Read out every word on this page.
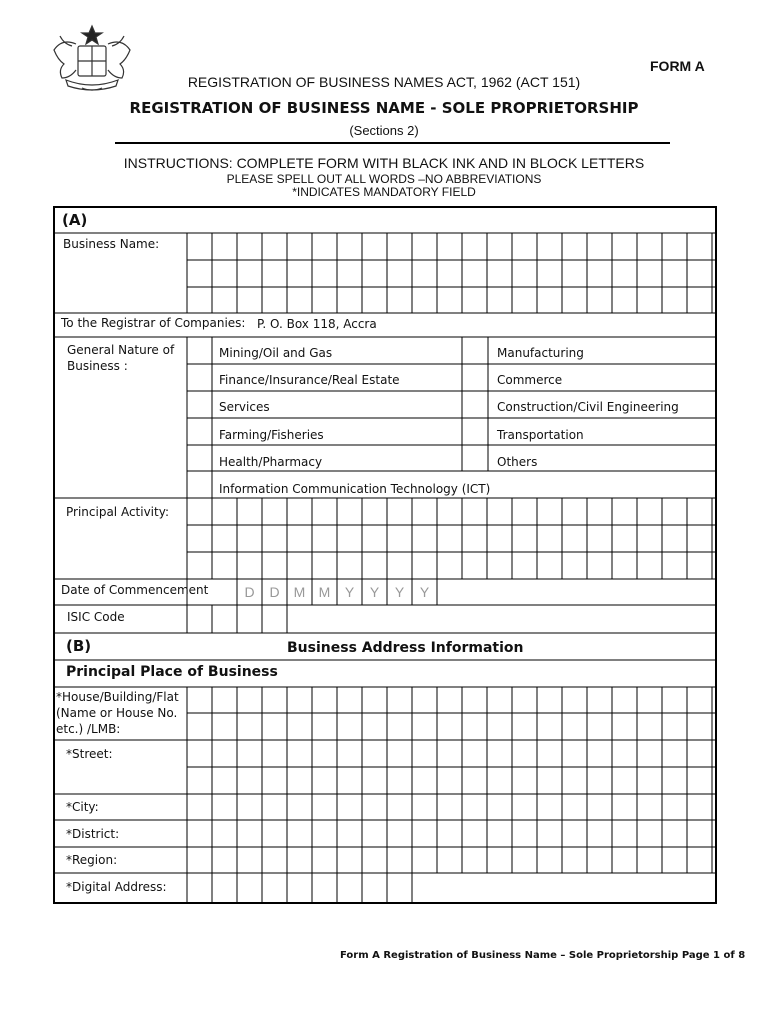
FORM A
REGISTRATION OF BUSINESS NAMES ACT, 1962 (ACT 151)
REGISTRATION OF BUSINESS NAME - SOLE PROPRIETORSHIP
(Sections 2)
INSTRUCTIONS: COMPLETE FORM WITH BLACK INK AND IN BLOCK LETTERS
PLEASE SPELL OUT ALL WORDS –NO ABBREVIATIONS
*INDICATES MANDATORY FIELD
(A)
Business Name:
To the Registrar of Companies: P. O. Box 118, Accra
General Nature of
Business :
Mining/Oil and Gas	Manufacturing
Finance/Insurance/Real Estate	Commerce
Services	Construction/Civil Engineering
Farming/Fisheries	Transportation
Health/Pharmacy	Others
Information Communication Technology (ICT)
Principal Activity:
Date of Commencement	D	D	M M	Y	Y	Y	Y
ISIC Code
(B)	Business Address Information
Principal Place of Business
*House/Building/Flat
(Name or House No.
etc.) /LMB:
*Street:
*City:
*District:
*Region:
*Digital Address:
Form A Registration of Business Name – Sole Proprietorship Page 1 of 8
